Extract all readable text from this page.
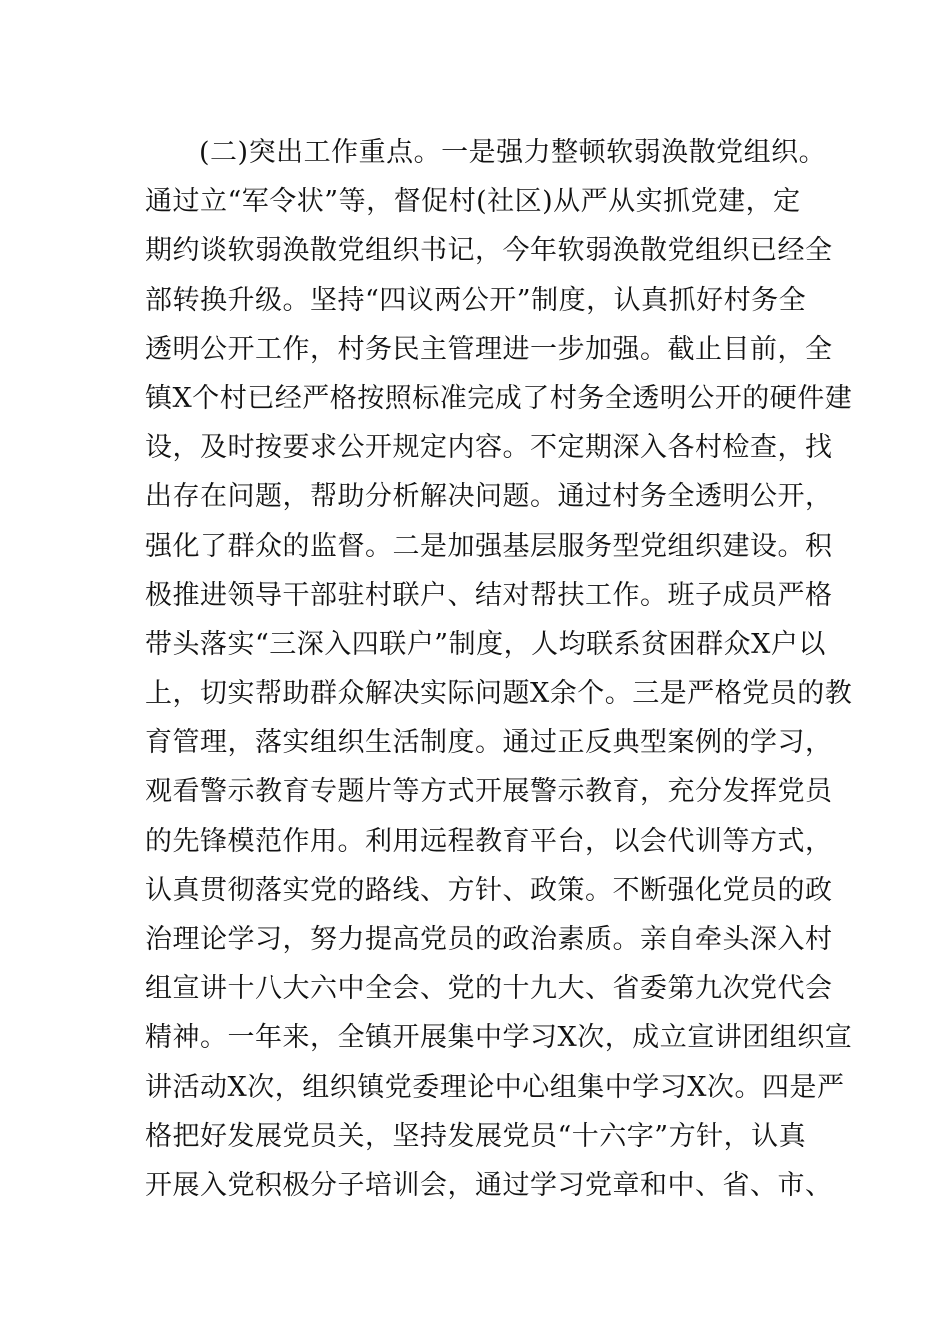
(二)突出工作重点。一是强力整顿软弱涣散党组织。
通过立“军令状”等，督促村(社区)从严从实抓党建，定
期约谈软弱涣散党组织书记，今年软弱涣散党组织已经全
部转换升级。坚持“四议两公开”制度，认真抓好村务全
透明公开工作，村务民主管理进一步加强。截止目前，全
镇X个村已经严格按照标准完成了村务全透明公开的硬件建
设，及时按要求公开规定内容。不定期深入各村检查，找
出存在问题，帮助分析解决问题。通过村务全透明公开，
强化了群众的监督。二是加强基层服务型党组织建设。积
极推进领导干部驻村联户、结对帮扶工作。班子成员严格
带头落实“三深入四联户”制度，人均联系贫困群众X户以
上，切实帮助群众解决实际问题X余个。三是严格党员的教
育管理，落实组织生活制度。通过正反典型案例的学习，
观看警示教育专题片等方式开展警示教育，充分发挥党员
的先锋模范作用。利用远程教育平台，以会代训等方式，
认真贯彻落实党的路线、方针、政策。不断强化党员的政
治理论学习，努力提高党员的政治素质。亲自牵头深入村
组宣讲十八大六中全会、党的十九大、省委第九次党代会
精神。一年来，全镇开展集中学习X次，成立宣讲团组织宣
讲活动X次，组织镇党委理论中心组集中学习X次。四是严
格把好发展党员关，坚持发展党员“十六字”方针，认真
开展入党积极分子培训会，通过学习党章和中、省、市、
